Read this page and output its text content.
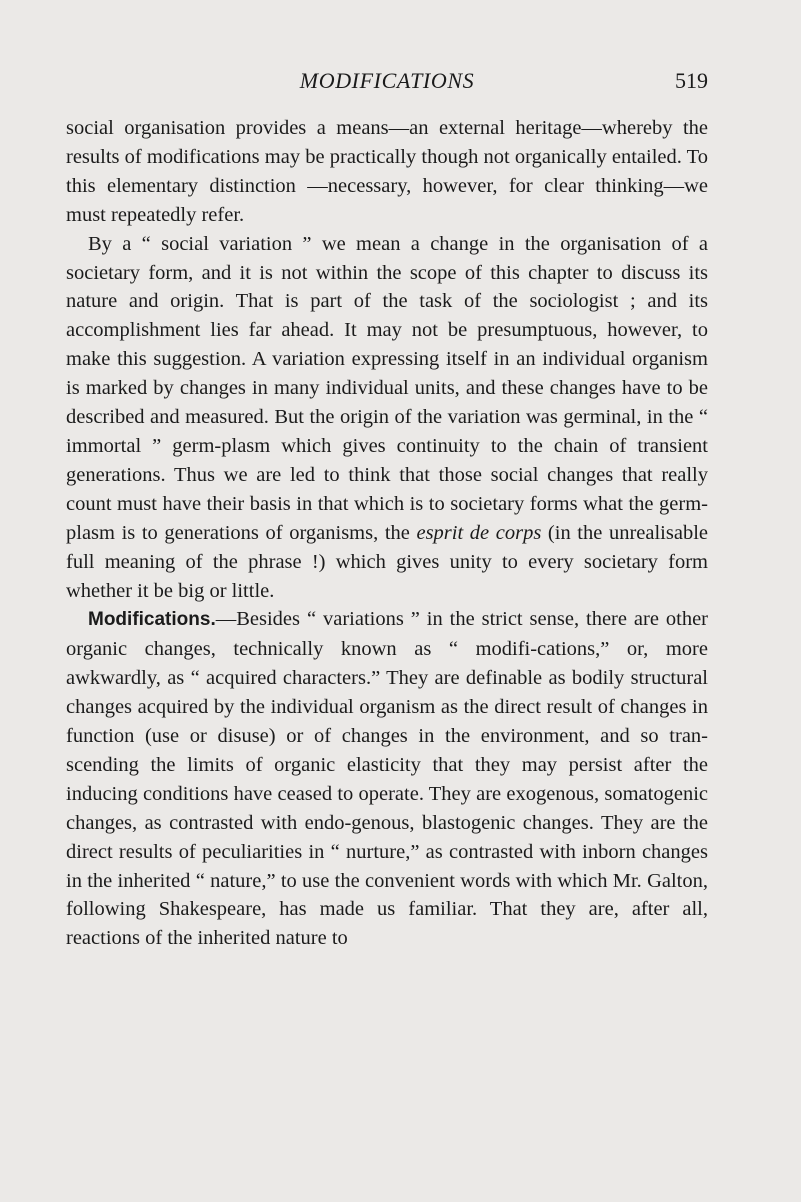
MODIFICATIONS	519

social organisation provides a means—an external heritage—whereby the results of modifications may be practically though not organically entailed. To this elementary distinction —necessary, however, for clear thinking—we must repeatedly refer.

By a “ social variation ” we mean a change in the organisation of a societary form, and it is not within the scope of this chapter to discuss its nature and origin. That is part of the task of the sociologist ; and its accomplishment lies far ahead. It may not be presumptuous, however, to make this suggestion. A variation expressing itself in an individual organism is marked by changes in many individual units, and these changes have to be described and measured. But the origin of the variation was germinal, in the “ immortal ” germ-plasm which gives continuity to the chain of transient generations. Thus we are led to think that those social changes that really count must have their basis in that which is to societary forms what the germ-plasm is to generations of organisms, the esprit de corps (in the unrealisable full meaning of the phrase !) which gives unity to every societary form whether it be big or little.

Modifications.—Besides “ variations ” in the strict sense, there are other organic changes, technically known as “ modifi-cations,” or, more awkwardly, as “ acquired characters.” They are definable as bodily structural changes acquired by the individual organism as the direct result of changes in function (use or disuse) or of changes in the environment, and so tran-scending the limits of organic elasticity that they may persist after the inducing conditions have ceased to operate. They are exogenous, somatogenic changes, as contrasted with endo-genous, blastogenic changes. They are the direct results of peculiarities in “ nurture,” as contrasted with inborn changes in the inherited “ nature,” to use the convenient words with which Mr. Galton, following Shakespeare, has made us familiar. That they are, after all, reactions of the inherited nature to
